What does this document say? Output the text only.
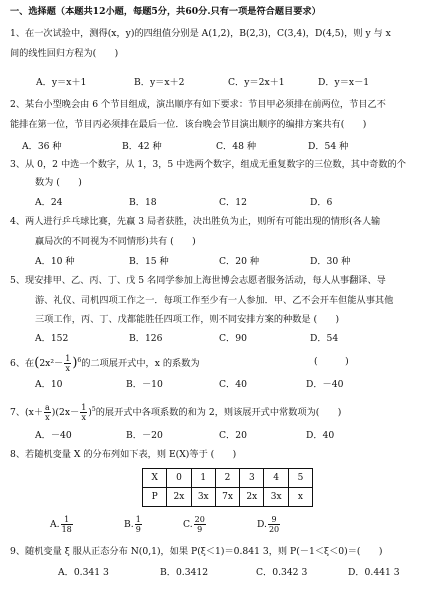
一、选择题（本题共12小题，每题5分，共60分.只有一项是符合题目要求）
1、在一次试验中，测得(x，y)的四组值分别是 A(1,2)，B(2,3)，C(3,4)，D(4,5)，则 y 与 x
间的线性回归方程为(　　)
A．y＝x＋1	B．y＝x＋2	C．y＝2x＋1	D．y＝x－1
2、某台小型晚会由 6 个节目组成，演出顺序有如下要求：节目甲必须排在前两位，节目乙不
能排在第一位，节目丙必须排在最后一位．该台晚会节目演出顺序的编排方案共有(　　)
A．36 种	B．42 种	C．48 种	D．54 种
3、从 0，2 中选一个数字，从 1，3，5 中选两个数字，组成无重复数字的三位数，其中奇数的个
数为 (　　)
A．24	B．18	C．12	D．6
4、两人进行乒乓球比赛，先赢 3 局者获胜，决出胜负为止，则所有可能出现的情形(各人输
赢局次的不同视为不同情形)共有 (　　)
A．10 种	B．15 种	C．20 种	D．30 种
5、现安排甲、乙、丙、丁、戊 5 名同学参加上海世博会志愿者服务活动，每人从事翻译、导
游、礼仪、司机四项工作之一．每项工作至少有一人参加．甲、乙不会开车但能从事其他
三项工作，丙、丁、戊都能胜任四项工作，则不同安排方案的种数是 (　　)
A．152	B．126	C．90	D．54
6、在$(2x^2- \frac{1}{x} )^6$的二项展开式中，x 的系数为	(　　　)
A．10	B．－10	C．40	D．－40
7、$(x+ \frac{a}{x} )(2x- \frac{1}{x} )^5$的展开式中各项系数的和为 2，则该展开式中常数项为(　　)
A．－40	B．－20	C．20	D．40
8、若随机变量 X 的分布列如下表，则 E(X)等于 (　　)
X	0	1	2	3	4	5
P	2x	3x	7x	2x	3x	x
A. $\frac{1}{18}$	B. $\frac{1}{9}$	C. $\frac{20}{9}$	D. $\frac{9}{20}$
9、随机变量 ξ 服从正态分布 N(0,1)，如果 P(ξ＜1)＝0.841 3，则 P(－1＜ξ＜0)＝(　　)
A．0.341 3	B．0.3412	C．0.342 3	D．0.441 3
